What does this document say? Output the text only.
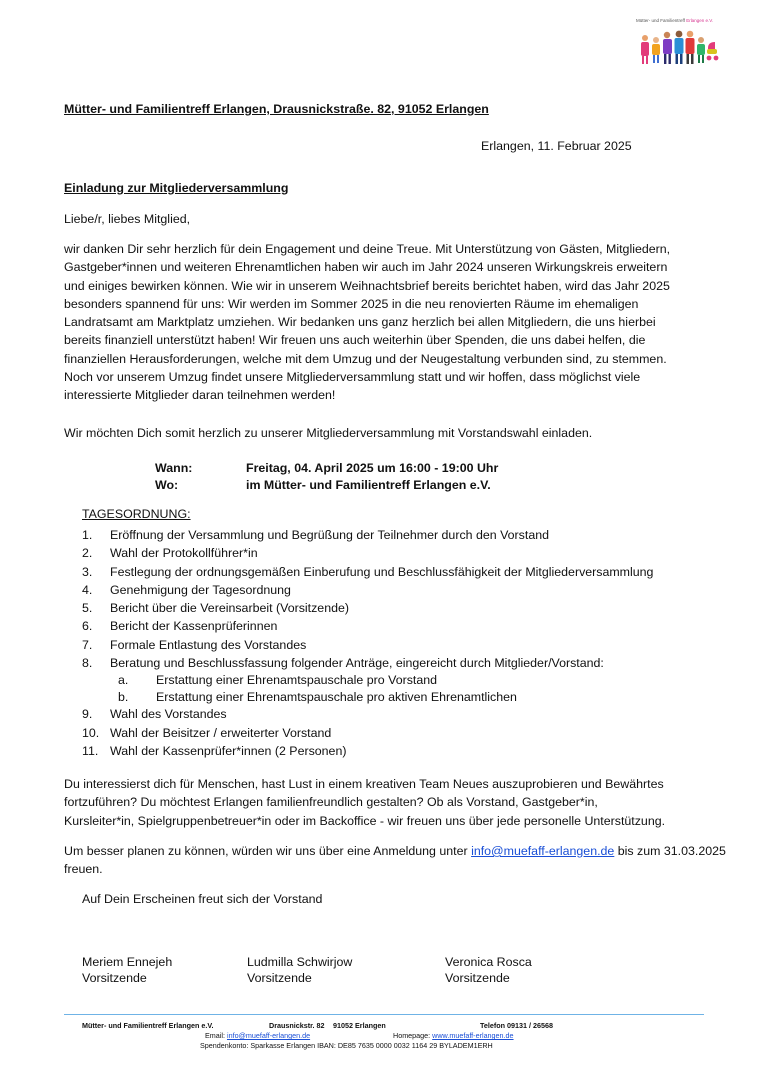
Mütter- und Familientreff Erlangen e.V.
Mütter- und Familientreff Erlangen, Drausnickstraße. 82, 91052 Erlangen
Erlangen, 11. Februar 2025
Einladung zur Mitgliederversammlung
Liebe/r, liebes Mitglied,
wir danken Dir sehr herzlich für dein Engagement und deine Treue. Mit Unterstützung von Gästen, Mitgliedern,
Gastgeber*innen und weiteren Ehrenamtlichen haben wir auch im Jahr 2024 unseren Wirkungskreis erweitern
und einiges bewirken können. Wie wir in unserem Weihnachtsbrief bereits berichtet haben, wird das Jahr 2025
besonders spannend für uns: Wir werden im Sommer 2025 in die neu renovierten Räume im ehemaligen
Landratsamt am Marktplatz umziehen. Wir bedanken uns ganz herzlich bei allen Mitgliedern, die uns hierbei
bereits finanziell unterstützt haben! Wir freuen uns auch weiterhin über Spenden, die uns dabei helfen, die
finanziellen Herausforderungen, welche mit dem Umzug und der Neugestaltung verbunden sind, zu stemmen.
Noch vor unserem Umzug findet unsere Mitgliederversammlung statt und wir hoffen, dass möglichst viele
interessierte Mitglieder daran teilnehmen werden!
Wir möchten Dich somit herzlich zu unserer Mitgliederversammlung mit Vorstandswahl einladen.
Wann:	Freitag, 04. April 2025 um 16:00 - 19:00 Uhr
Wo:	im Mütter- und Familientreff Erlangen e.V.
TAGESORDNUNG:
1. Eröffnung der Versammlung und Begrüßung der Teilnehmer durch den Vorstand
2. Wahl der Protokollführer*in
3. Festlegung der ordnungsgemäßen Einberufung und Beschlussfähigkeit der Mitgliederversammlung
4. Genehmigung der Tagesordnung
5. Bericht über die Vereinsarbeit (Vorsitzende)
6. Bericht der Kassenprüferinnen
7. Formale Entlastung des Vorstandes
8. Beratung und Beschlussfassung folgender Anträge, eingereicht durch Mitglieder/Vorstand:
a. Erstattung einer Ehrenamtspauschale pro Vorstand
b. Erstattung einer Ehrenamtspauschale pro aktiven Ehrenamtlichen
9. Wahl des Vorstandes
10. Wahl der Beisitzer / erweiterter Vorstand
11. Wahl der Kassenprüfer*innen (2 Personen)
Du interessierst dich für Menschen, hast Lust in einem kreativen Team Neues auszuprobieren und Bewährtes
fortzuführen? Du möchtest Erlangen familienfreundlich gestalten? Ob als Vorstand, Gastgeber*in,
Kursleiter*in, Spielgruppenbetreuer*in oder im Backoffice - wir freuen uns über jede personelle Unterstützung.
Um besser planen zu können, würden wir uns über eine Anmeldung unter info@muefaff-erlangen.de bis zum 31.03.2025
freuen.
Auf Dein Erscheinen freut sich der Vorstand
Meriem Ennejeh
Vorsitzende
Ludmilla Schwirjow
Vorsitzende
Veronica Rosca
Vorsitzende
Mütter- und Familientreff Erlangen e.V.	Drausnickstr. 82 91052 Erlangen	Telefon 09131 / 26568
Email: info@muefaff-erlangen.de	Homepage: www.muefaff-erlangen.de
Spendenkonto: Sparkasse Erlangen IBAN: DE85 7635 0000 0032 1164 29 BYLADEM1ERH
